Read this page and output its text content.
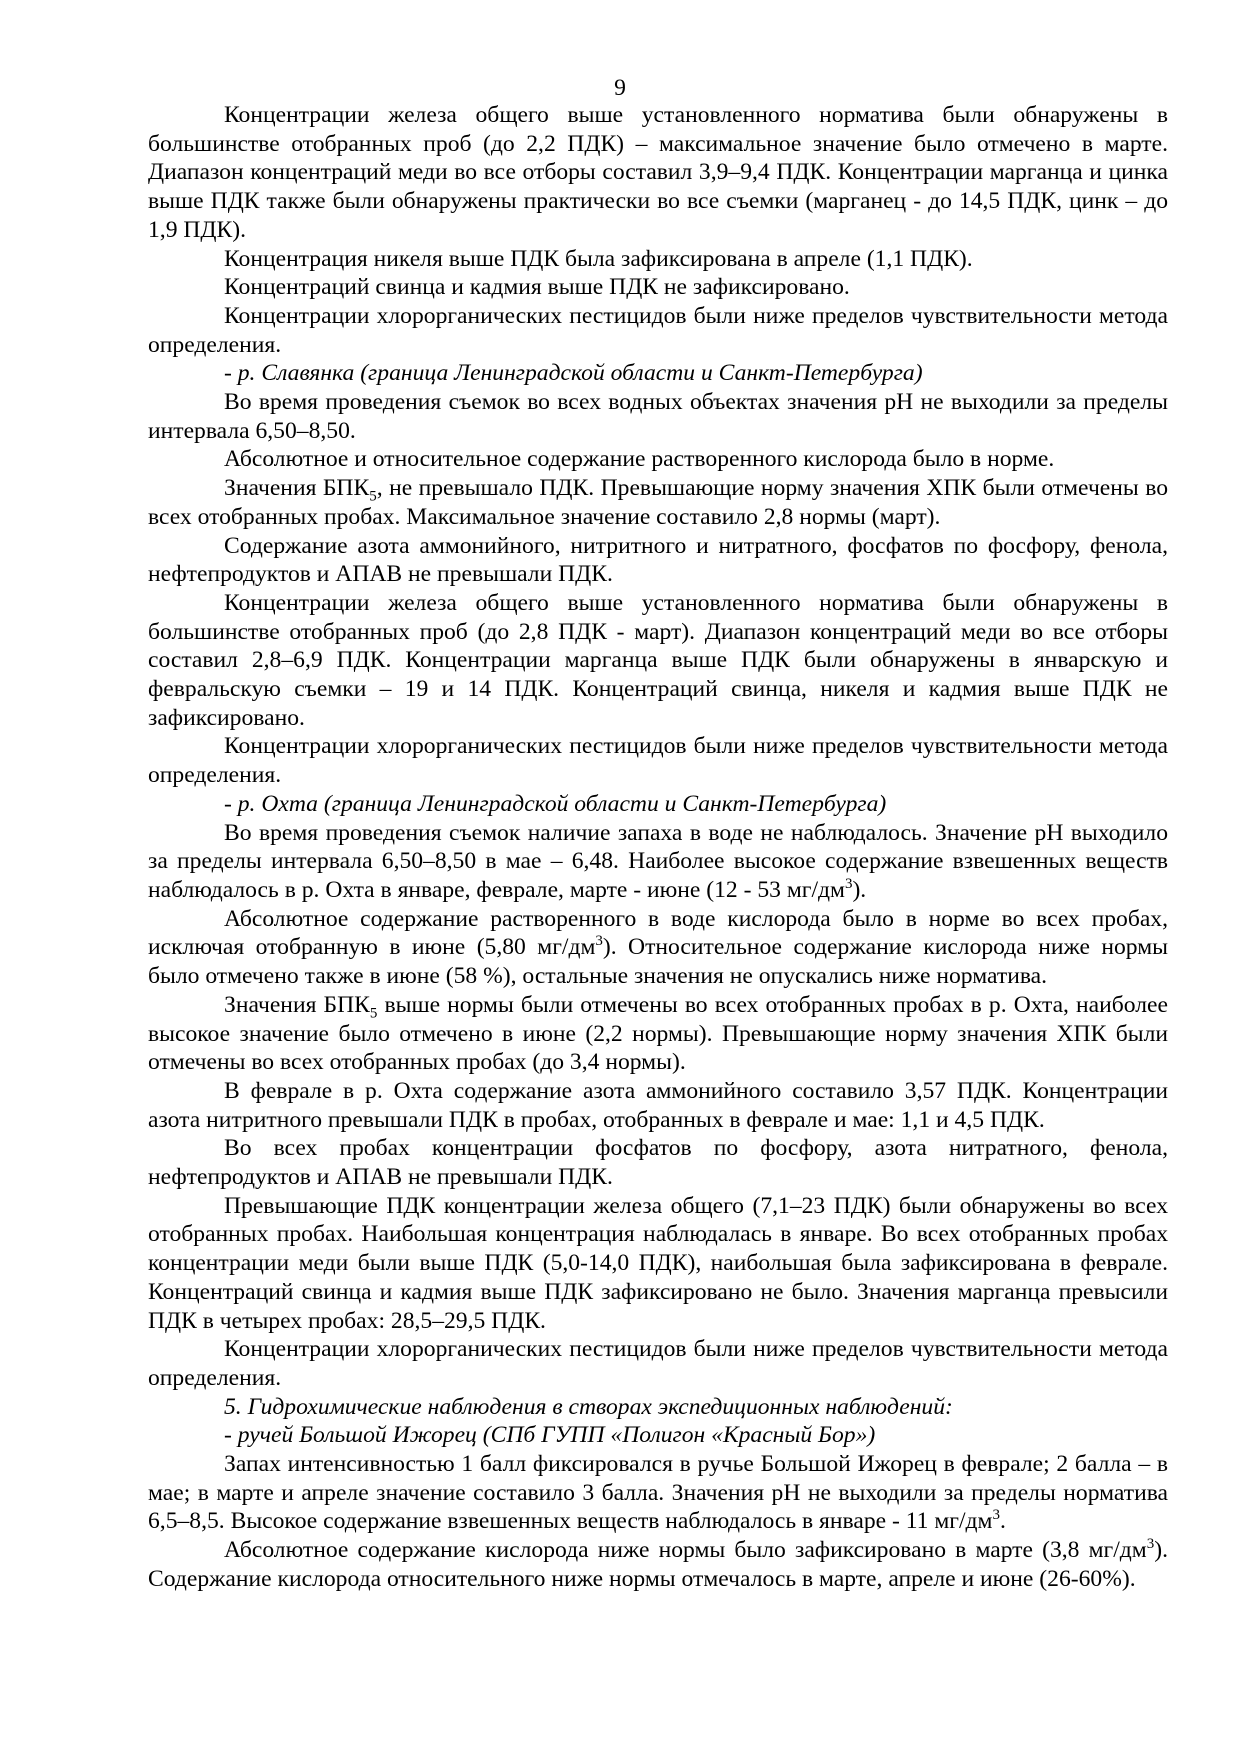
9

Концентрации железа общего выше установленного норматива были обнаружены в большинстве отобранных проб (до 2,2 ПДК) – максимальное значение было отмечено в марте. Диапазон концентраций меди во все отборы составил 3,9–9,4 ПДК. Концентрации марганца и цинка выше ПДК также были обнаружены практически во все съемки (марганец - до 14,5 ПДК, цинк – до 1,9 ПДК).

Концентрация никеля выше ПДК была зафиксирована в апреле (1,1 ПДК).

Концентраций свинца и кадмия выше ПДК не зафиксировано.

Концентрации хлорорганических пестицидов были ниже пределов чувствительности метода определения.

- р. Славянка (граница Ленинградской области и Санкт-Петербурга)

Во время проведения съемок во всех водных объектах значения рН не выходили за пределы интервала 6,50–8,50.

Абсолютное и относительное содержание растворенного кислорода было в норме.

Значения $БПК_5$, не превышало ПДК. Превышающие норму значения ХПК были отмечены во всех отобранных пробах. Максимальное значение составило 2,8 нормы (март).

Содержание азота аммонийного, нитритного и нитратного, фосфатов по фосфору, фенола, нефтепродуктов и АПАВ не превышали ПДК.

Концентрации железа общего выше установленного норматива были обнаружены в большинстве отобранных проб (до 2,8 ПДК - март). Диапазон концентраций меди во все отборы составил 2,8–6,9 ПДК. Концентрации марганца выше ПДК были обнаружены в январскую и февральскую съемки – 19 и 14 ПДК. Концентраций свинца, никеля и кадмия выше ПДК не зафиксировано.

Концентрации хлорорганических пестицидов были ниже пределов чувствительности метода определения.

- р. Охта (граница Ленинградской области и Санкт-Петербурга)

Во время проведения съемок наличие запаха в воде не наблюдалось. Значение рН выходило за пределы интервала 6,50–8,50 в мае – 6,48. Наиболее высокое содержание взвешенных веществ наблюдалось в р. Охта в январе, феврале, марте - июне (12 - 53 $мг/дм^3$).

Абсолютное содержание растворенного в воде кислорода было в норме во всех пробах, исключая отобранную в июне (5,80 $мг/дм^3$). Относительное содержание кислорода ниже нормы было отмечено также в июне (58 %), остальные значения не опускались ниже норматива.

Значения $БПК_5$ выше нормы были отмечены во всех отобранных пробах в р. Охта, наиболее высокое значение было отмечено в июне (2,2 нормы). Превышающие норму значения ХПК были отмечены во всех отобранных пробах (до 3,4 нормы).

В феврале в р. Охта содержание азота аммонийного составило 3,57 ПДК. Концентрации азота нитритного превышали ПДК в пробах, отобранных в феврале и мае: 1,1 и 4,5 ПДК.

Во всех пробах концентрации фосфатов по фосфору, азота нитратного, фенола, нефтепродуктов и АПАВ не превышали ПДК.

Превышающие ПДК концентрации железа общего (7,1–23 ПДК) были обнаружены во всех отобранных пробах. Наибольшая концентрация наблюдалась в январе. Во всех отобранных пробах концентрации меди были выше ПДК (5,0-14,0 ПДК), наибольшая была зафиксирована в феврале. Концентраций свинца и кадмия выше ПДК зафиксировано не было. Значения марганца превысили ПДК в четырех пробах: 28,5–29,5 ПДК.

Концентрации хлорорганических пестицидов были ниже пределов чувствительности метода определения.

5. Гидрохимические наблюдения в створах экспедиционных наблюдений:

- ручей Большой Ижорец (СПб ГУПП «Полигон «Красный Бор»)

Запах интенсивностью 1 балл фиксировался в ручье Большой Ижорец в феврале; 2 балла – в мае; в марте и апреле значение составило 3 балла. Значения рН не выходили за пределы норматива 6,5–8,5. Высокое содержание взвешенных веществ наблюдалось в январе - 11 $мг/дм^3$.

Абсолютное содержание кислорода ниже нормы было зафиксировано в марте (3,8 $мг/дм^3$). Содержание кислорода относительного ниже нормы отмечалось в марте, апреле и июне (26-60%).
